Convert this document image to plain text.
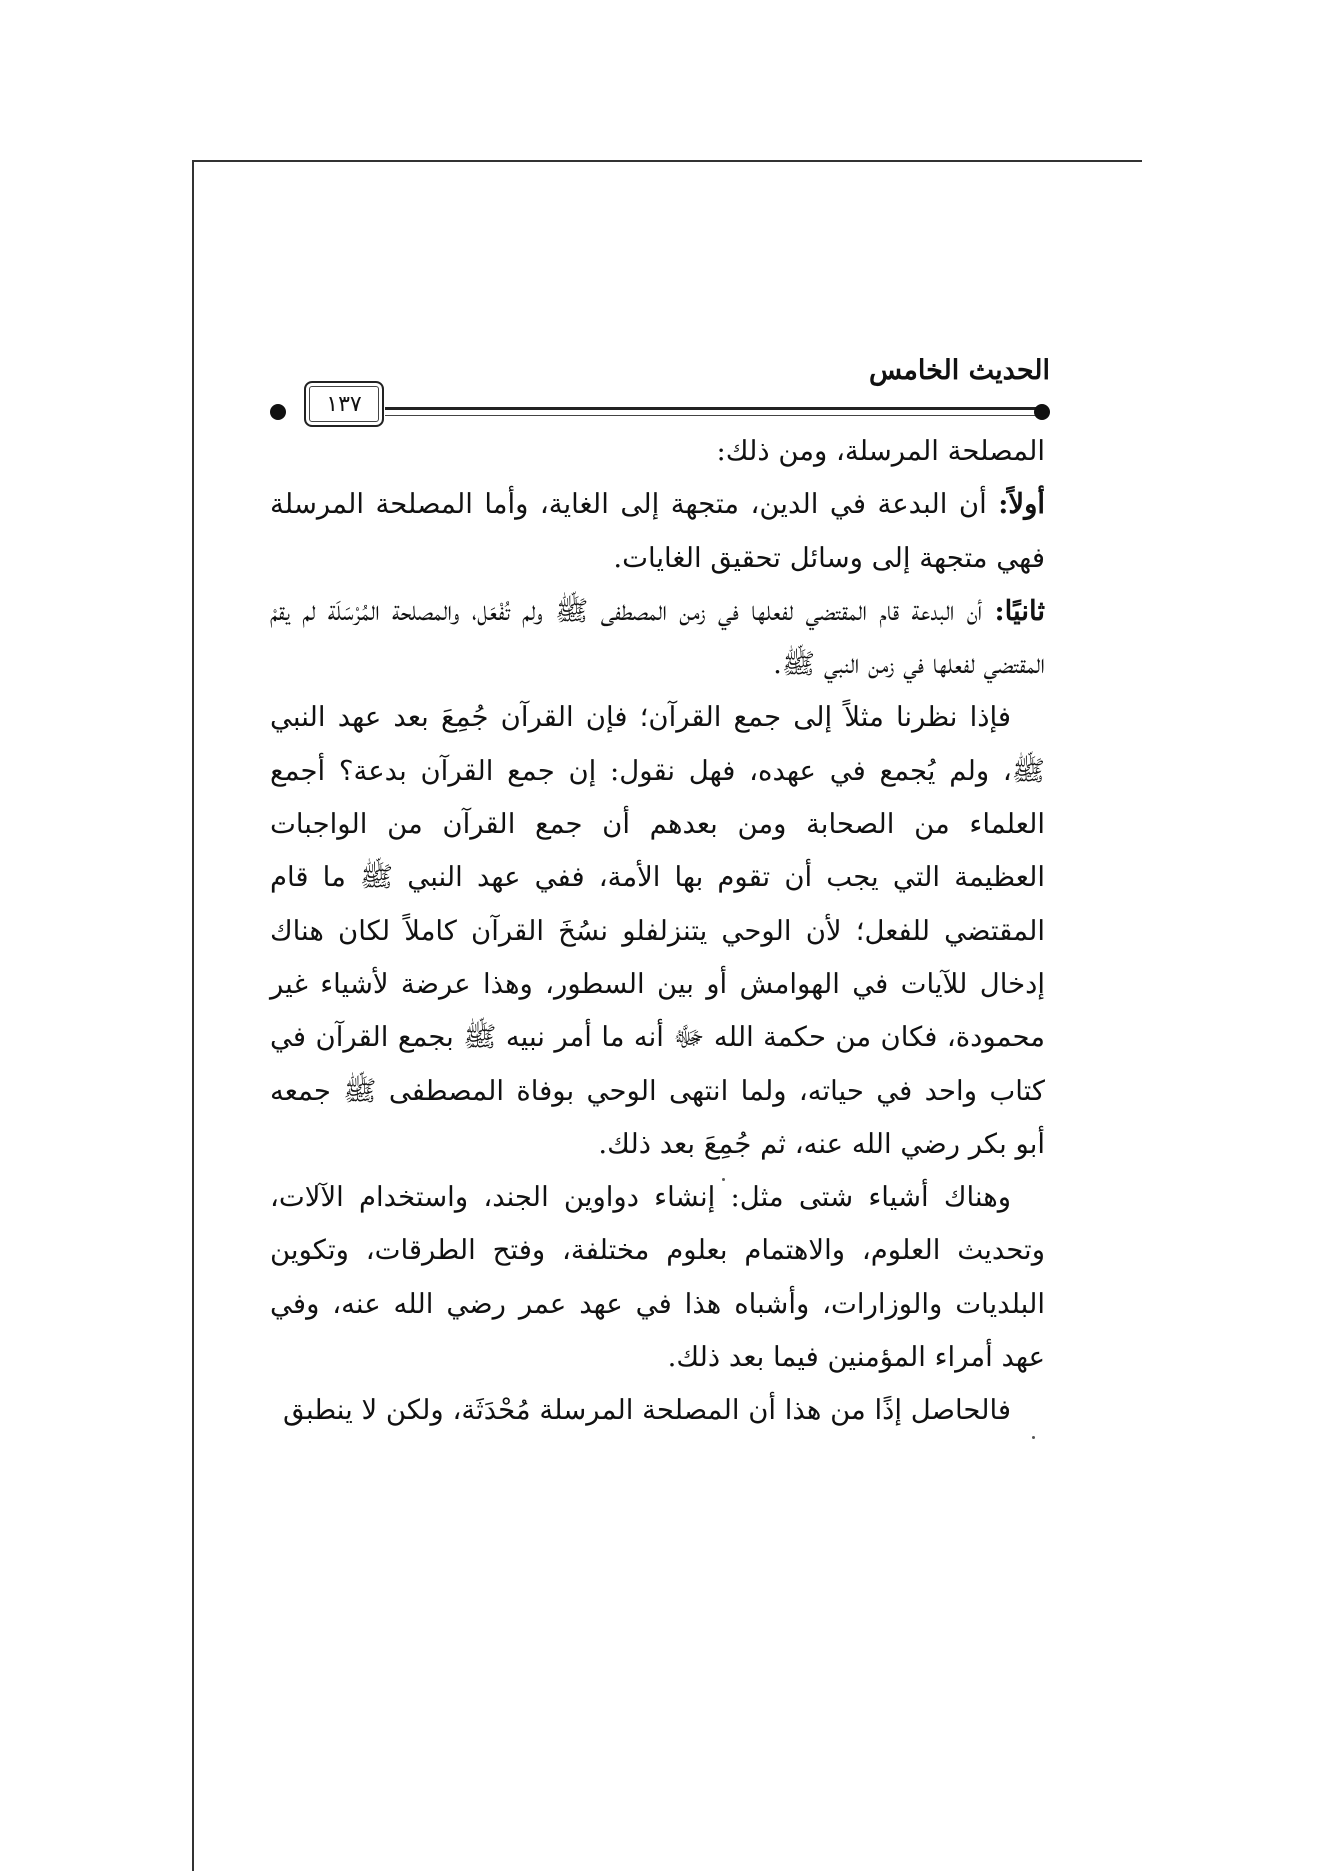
الحديث الخامس
١٣٧

المصلحة المرسلة، ومن ذلك:

أولاً: أن البدعة في الدين، متجهة إلى الغاية، وأما المصلحة المرسلة فهي متجهة إلى وسائل تحقيق الغايات.

ثانيًا: أن البدعة قام المقتضي لفعلها في زمن المصطفى ﷺ ولم تُفْعَل، والمصلحة المُرْسَلَة لم يقمْ المقتضي لفعلها في زمن النبي ﷺ.

فإذا نظرنا مثلاً إلى جمع القرآن؛ فإن القرآن جُمِعَ بعد عهد النبي ﷺ، ولم يُجمع في عهده، فهل نقول: إن جمع القرآن بدعة؟ أجمع العلماء من الصحابة ومن بعدهم أن جمع القرآن من الواجبات العظيمة التي يجب أن تقوم بها الأمة، ففي عهد النبي ﷺ ما قام المقتضي للفعل؛ لأن الوحي يتنزلفلو نسُخَ القرآن كاملاً لكان هناك إدخال للآيات في الهوامش أو بين السطور، وهذا عرضة لأشياء غير محمودة، فكان من حكمة الله ﷻ أنه ما أمر نبيه ﷺ بجمع القرآن في كتاب واحد في حياته، ولما انتهى الوحي بوفاة المصطفى ﷺ جمعه أبو بكر رضي الله عنه، ثم جُمِعَ بعد ذلك.

وهناك أشياء شتى مثل: إنشاء دواوين الجند، واستخدام الآلات، وتحديث العلوم، والاهتمام بعلوم مختلفة، وفتح الطرقات، وتكوين البلديات والوزارات، وأشباه هذا في عهد عمر رضي الله عنه، وفي عهد أمراء المؤمنين فيما بعد ذلك.

فالحاصل إذًا من هذا أن المصلحة المرسلة مُحْدَثَة، ولكن لا ينطبق
